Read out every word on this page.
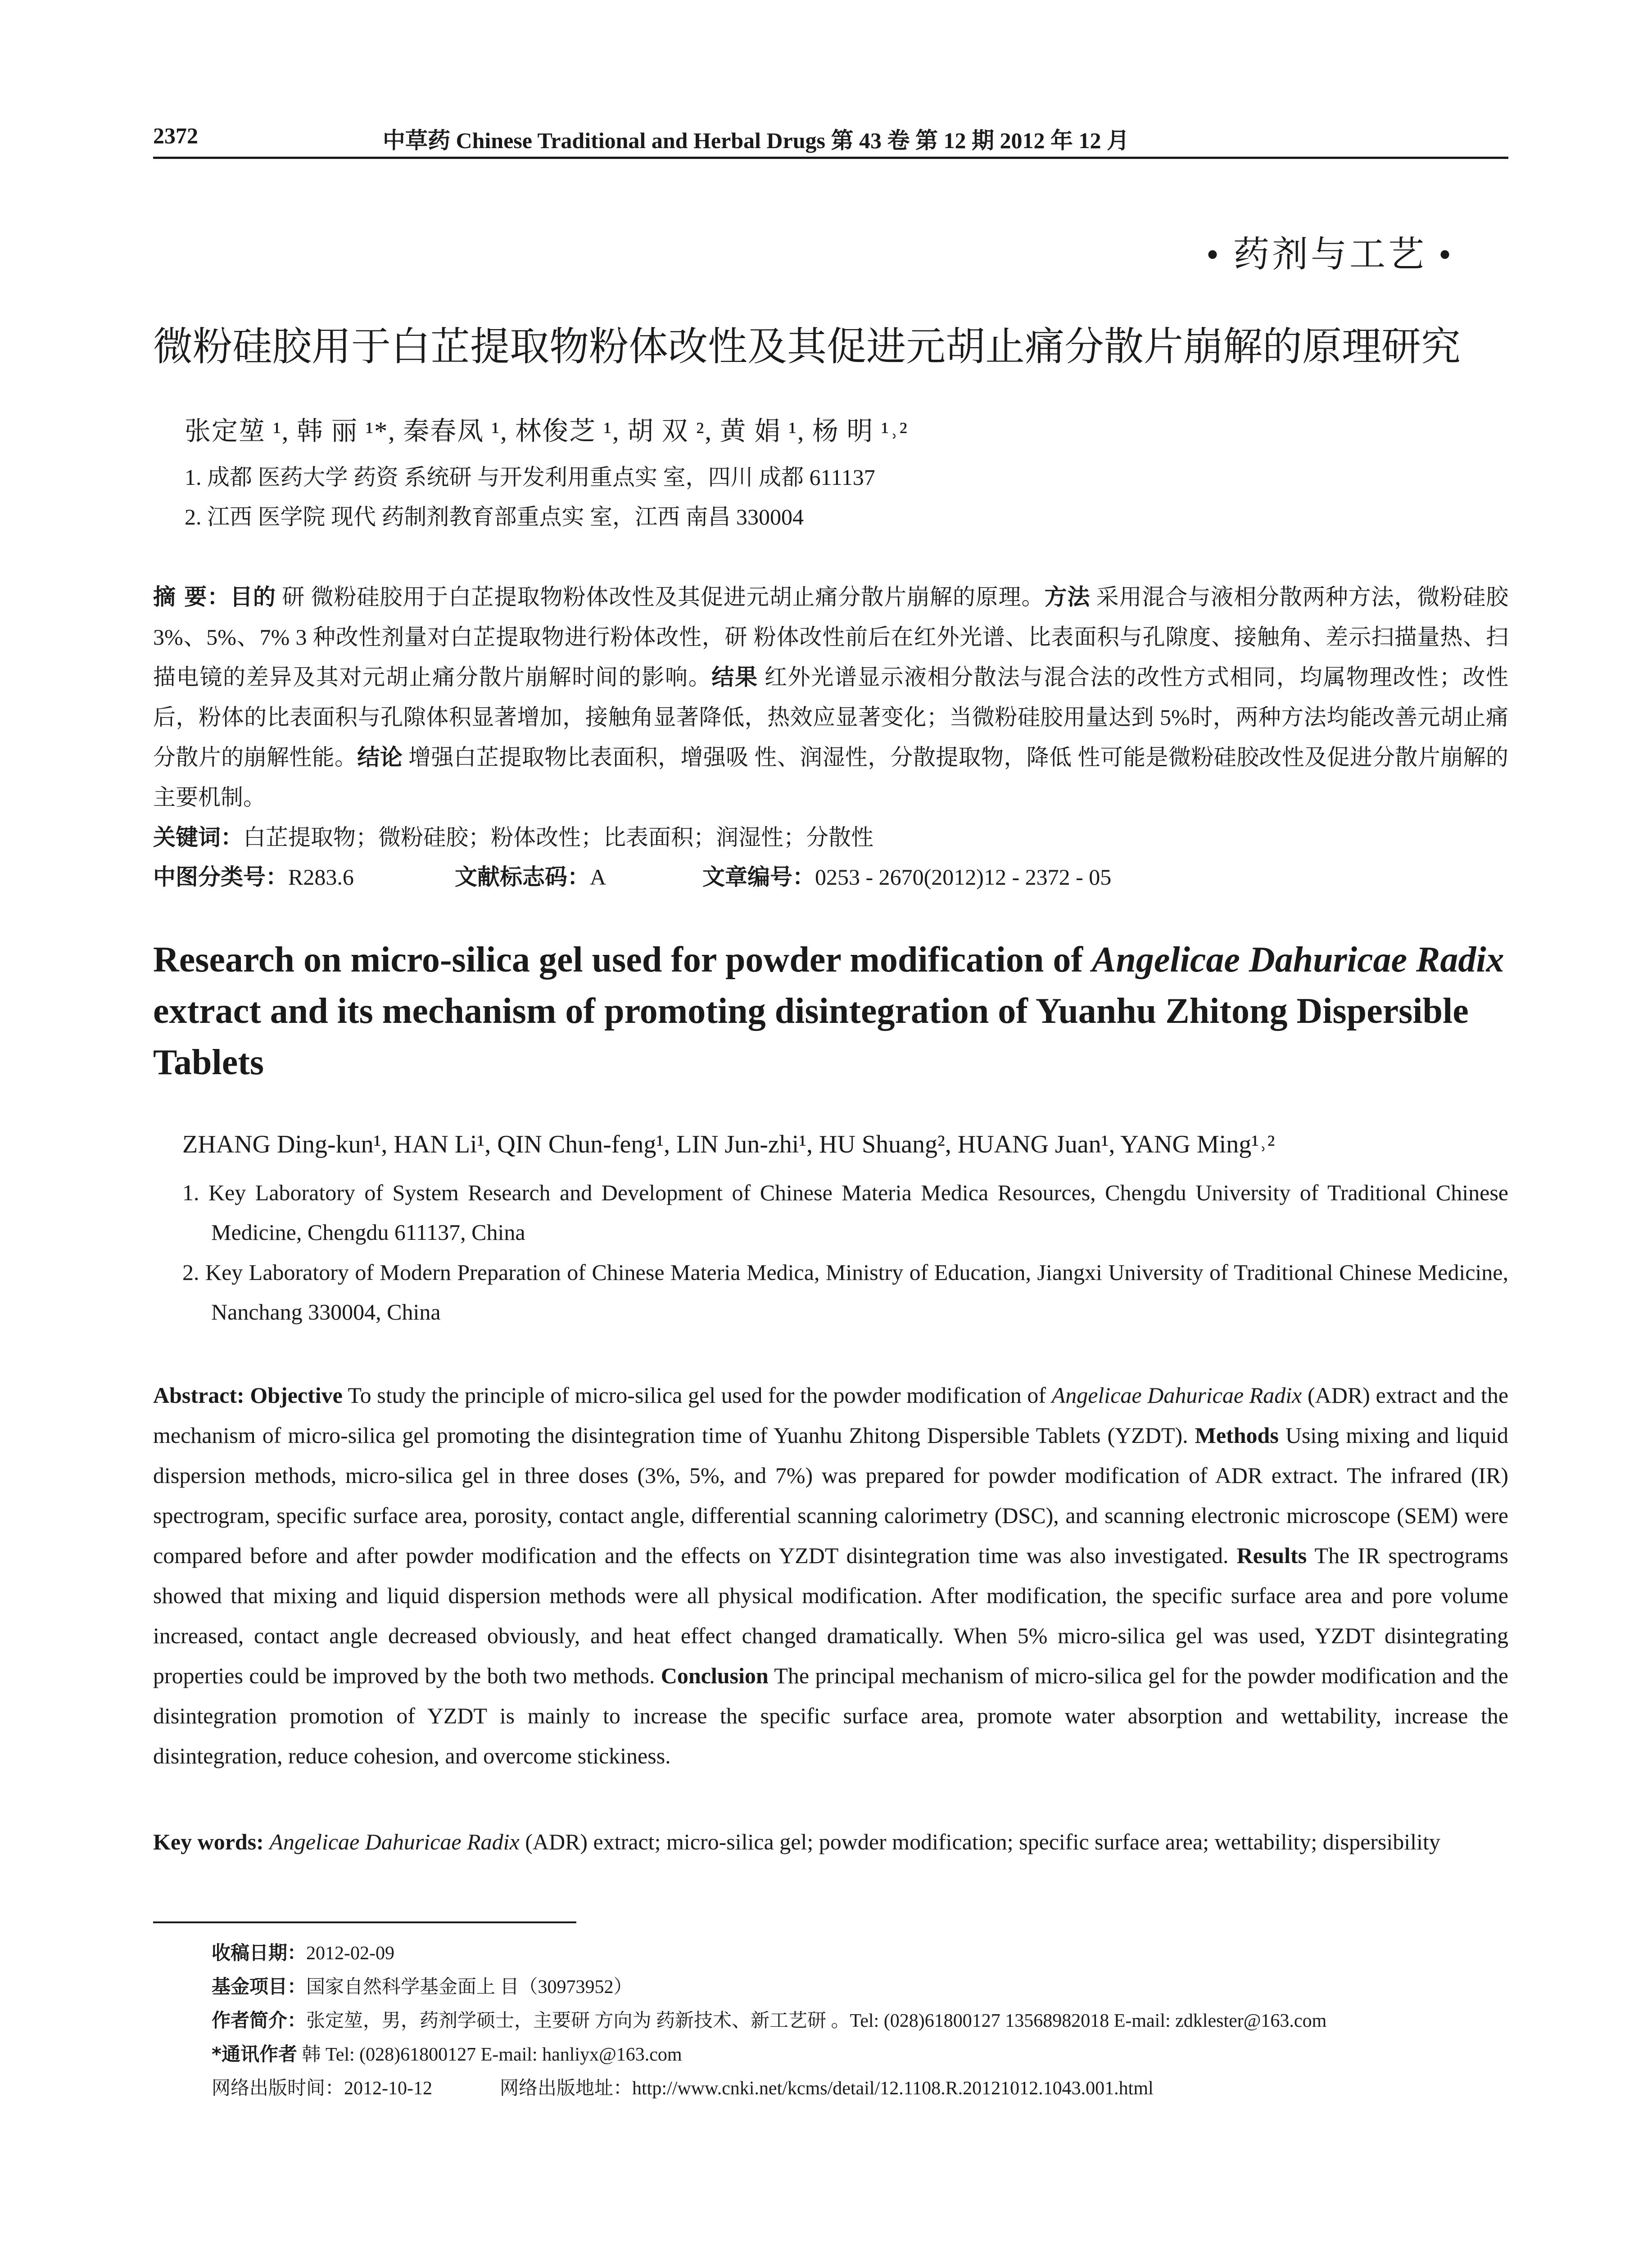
2372	中草药 Chinese Traditional and Herbal Drugs 第 43 卷 第 12 期 2012 年 12 月
• 药剂与工艺 •
微粉硅胶用于白芷提取物粉体改性及其促进元胡止痛分散片崩解的原理研究
张定堃 ¹, 韩 丽 ¹*, 秦春凤 ¹, 林俊芝 ¹, 胡 双 ², 黄 娟 ¹, 杨 明 ¹˒²
1. 成都 医药大学 药资 系统研 与开发利用重点实 室，四川 成都 611137
2. 江西 医学院 现代 药制剂教育部重点实 室，江西 南昌 330004
摘 要：目的 研 微粉硅胶用于白芷提取物粉体改性及其促进元胡止痛分散片崩解的原理。方法 采用混合与液相分散两种方法，微粉硅胶 3%、5%、7% 3 种改性剂量对白芷提取物进行粉体改性，研 粉体改性前后在红外光谱、比表面积与孔隙度、接触角、差示扫描量热、扫描电镜的差异及其对元胡止痛分散片崩解时间的影响。结果 红外光谱显示液相分散法与混合法的改性方式相同，均属物理改性；改性后，粉体的比表面积与孔隙体积显著增加，接触角显著降低，热效应显著变化；当微粉硅胶用量达到 5%时，两种方法均能改善元胡止痛分散片的崩解性能。结论 增强白芷提取物比表面积，增强吸 性、润湿性，分散提取物，降低 性可能是微粉硅胶改性及促进分散片崩解的主要机制。
关键词：白芷提取物；微粉硅胶；粉体改性；比表面积；润湿性；分散性
中图分类号：R283.6	文献标志码：A	文章编号：0253 - 2670(2012)12 - 2372 - 05
Research on micro-silica gel used for powder modification of Angelicae Dahuricae Radix extract and its mechanism of promoting disintegration of Yuanhu Zhitong Dispersible Tablets
ZHANG Ding-kun¹, HAN Li¹, QIN Chun-feng¹, LIN Jun-zhi¹, HU Shuang², HUANG Juan¹, YANG Ming¹˒²
1. Key Laboratory of System Research and Development of Chinese Materia Medica Resources, Chengdu University of Traditional Chinese Medicine, Chengdu 611137, China
2. Key Laboratory of Modern Preparation of Chinese Materia Medica, Ministry of Education, Jiangxi University of Traditional Chinese Medicine, Nanchang 330004, China
Abstract: Objective To study the principle of micro-silica gel used for the powder modification of Angelicae Dahuricae Radix (ADR) extract and the mechanism of micro-silica gel promoting the disintegration time of Yuanhu Zhitong Dispersible Tablets (YZDT). Methods Using mixing and liquid dispersion methods, micro-silica gel in three doses (3%, 5%, and 7%) was prepared for powder modification of ADR extract. The infrared (IR) spectrogram, specific surface area, porosity, contact angle, differential scanning calorimetry (DSC), and scanning electronic microscope (SEM) were compared before and after powder modification and the effects on YZDT disintegration time was also investigated. Results The IR spectrograms showed that mixing and liquid dispersion methods were all physical modification. After modification, the specific surface area and pore volume increased, contact angle decreased obviously, and heat effect changed dramatically. When 5% micro-silica gel was used, YZDT disintegrating properties could be improved by the both two methods. Conclusion The principal mechanism of micro-silica gel for the powder modification and the disintegration promotion of YZDT is mainly to increase the specific surface area, promote water absorption and wettability, increase the disintegration, reduce cohesion, and overcome stickiness.
Key words: Angelicae Dahuricae Radix (ADR) extract; micro-silica gel; powder modification; specific surface area; wettability; dispersibility
收稿日期：2012-02-09
基金项目：国家自然科学基金面上 目（30973952）
作者简介：张定堃，男，药剂学硕士，主要研 方向为 药新技术、新工艺研 。Tel: (028)61800127 13568982018 E-mail: zdklester@163.com
*通讯作者 韩 Tel: (028)61800127 E-mail: hanliyx@163.com
网络出版时间：2012-10-12	网络出版地址：http://www.cnki.net/kcms/detail/12.1108.R.20121012.1043.001.html
